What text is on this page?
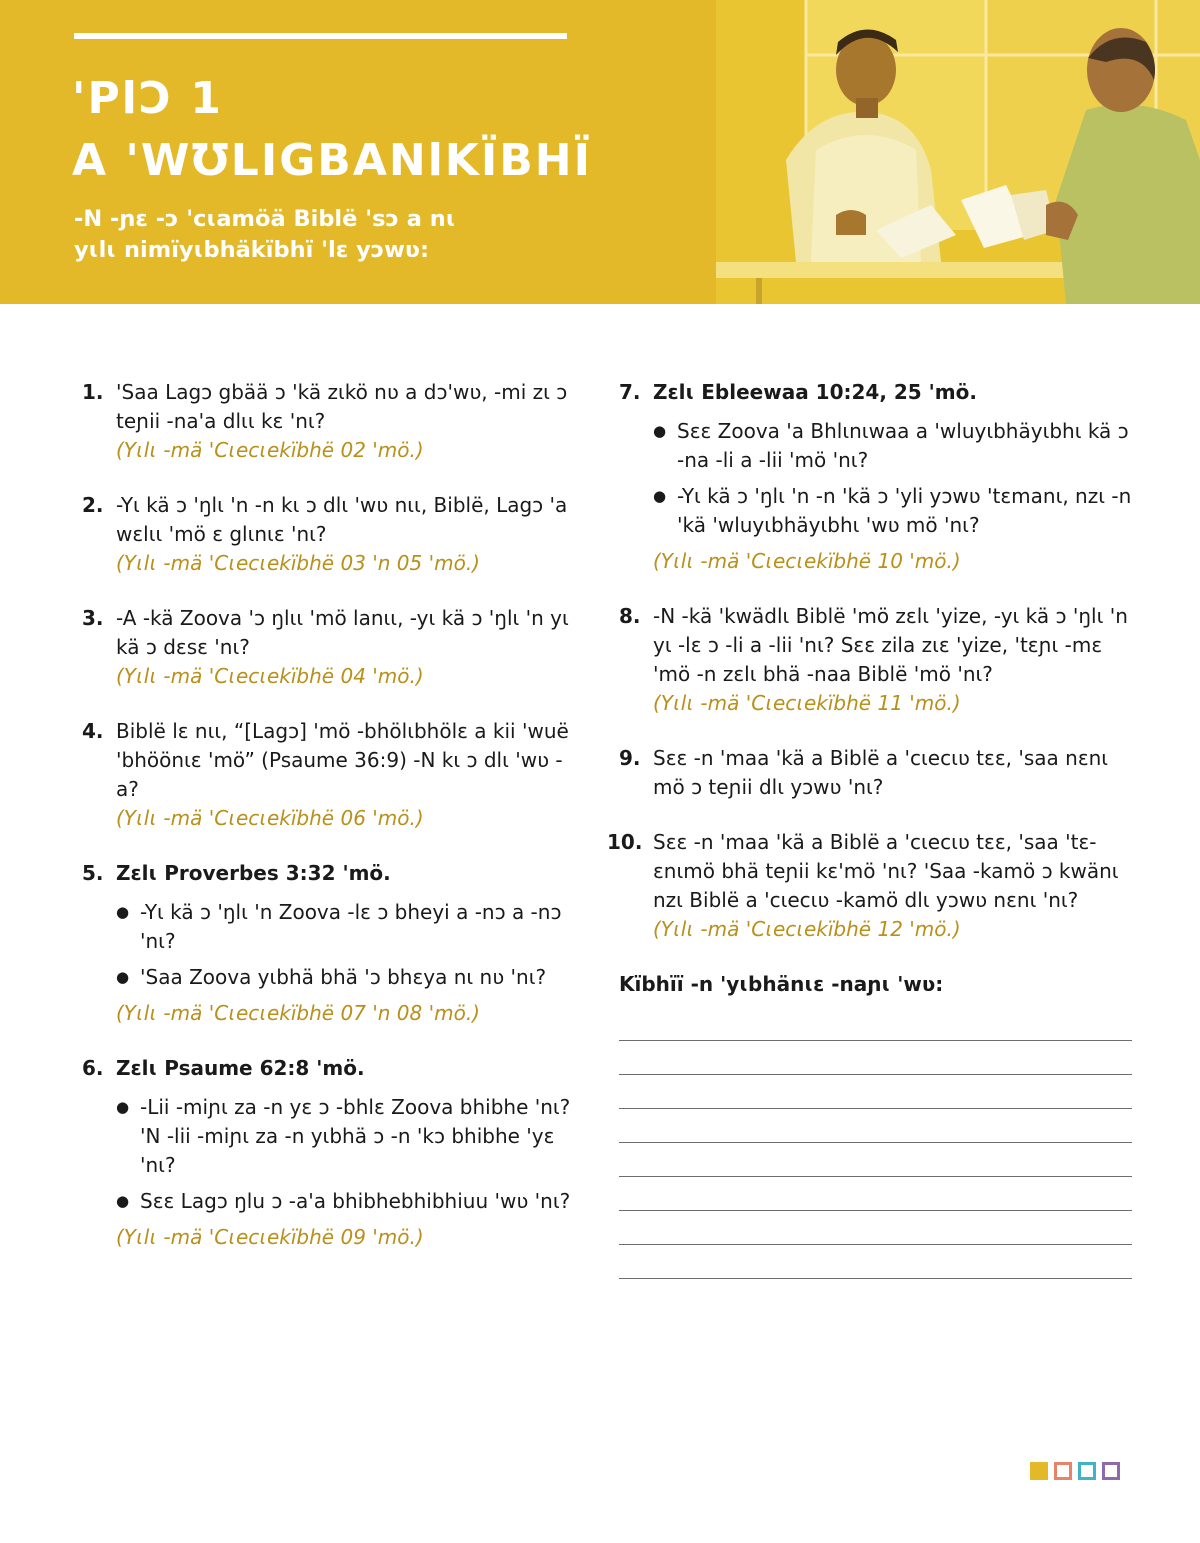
'PlƆ 1
A 'WƱLIGBANlKÏBHÏ
-N -ɲɛ -ɔ 'cɩamöä Biblë 'sɔ a nɩ yɩlɩ nimïyɩbhäkïbhï 'lɛ yɔwʋ:
1. 'Saa Lagɔ gbää ɔ 'kä zɩkö nʋ a dɔ'wʋ, -mi zɩ ɔ teɲii -na'a dlɩɩ kɛ 'nɩ?
(Yɩlɩ -mä 'Cɩecɩekïbhë 02 'mö.)
2. -Yɩ kä ɔ 'ŋlɩ 'n -n kɩ ɔ dlɩ 'wʋ nɩɩ, Biblë, Lagɔ 'a wɛlɩɩ 'mö ɛ glɩnɩɛ 'nɩ?
(Yɩlɩ -mä 'Cɩecɩekïbhë 03 'n 05 'mö.)
3. -A -kä Zoova 'ɔ ŋlɩɩ 'mö lanɩɩ, -yɩ kä ɔ 'ŋlɩ 'n yɩ kä ɔ dɛsɛ 'nɩ?
(Yɩlɩ -mä 'Cɩecɩekïbhë 04 'mö.)
4. Biblë lɛ nɩɩ, “[Lagɔ] 'mö -bhölɩbhölɛ a kii 'wuë 'bhöönɩɛ 'mö” (Psaume 36:9) -N kɩ ɔ dlɩ 'wʋ -a?
(Yɩlɩ -mä 'Cɩecɩekïbhë 06 'mö.)
5. Zɛlɩ Proverbes 3:32 'mö.
● -Yɩ kä ɔ 'ŋlɩ 'n Zoova -lɛ ɔ bheyi a -nɔ a -nɔ 'nɩ?
● 'Saa Zoova yɩbhä bhä 'ɔ bhɛya nɩ nʋ 'nɩ?
(Yɩlɩ -mä 'Cɩecɩekïbhë 07 'n 08 'mö.)
6. Zɛlɩ Psaume 62:8 'mö.
● -Lii -miɲɩ za -n yɛ ɔ -bhlɛ Zoova bhibhe 'nɩ? 'N -lii -miɲɩ za -n yɩbhä ɔ -n 'kɔ bhibhe 'yɛ 'nɩ?
● Sɛɛ Lagɔ ŋlu ɔ -a'a bhibhebhibhiuu 'wʋ 'nɩ?
(Yɩlɩ -mä 'Cɩecɩekïbhë 09 'mö.)
7. Zɛlɩ Ebleewaa 10:24, 25 'mö.
● Sɛɛ Zoova 'a Bhlɩnɩwaa a 'wluyɩbhäyɩbhɩ kä ɔ -na -li a -lii 'mö 'nɩ?
● -Yɩ kä ɔ 'ŋlɩ 'n -n 'kä ɔ 'yli yɔwʋ 'tɛmanɩ, nzɩ -n 'kä 'wluyɩbhäyɩbhɩ 'wʋ mö 'nɩ?
(Yɩlɩ -mä 'Cɩecɩekïbhë 10 'mö.)
8. -N -kä 'kwädlɩ Biblë 'mö zɛlɩ 'yize, -yɩ kä ɔ 'ŋlɩ 'n yɩ -lɛ ɔ -li a -lii 'nɩ? Sɛɛ zila zɩɛ 'yize, 'tɛɲɩ -mɛ 'mö -n zɛlɩ bhä -naa Biblë 'mö 'nɩ?
(Yɩlɩ -mä 'Cɩecɩekïbhë 11 'mö.)
9. Sɛɛ -n 'maa 'kä a Biblë a 'cɩecɩʋ tɛɛ, 'saa nɛnɩ mö ɔ teɲii dlɩ yɔwʋ 'nɩ?
10. Sɛɛ -n 'maa 'kä a Biblë a 'cɩecɩʋ tɛɛ, 'saa 'tɛ-ɛnɩmö bhä teɲii kɛ'mö 'nɩ? 'Saa -kamö ɔ kwänɩ nzɩ Biblë a 'cɩecɩʋ -kamö dlɩ yɔwʋ nɛnɩ 'nɩ?
(Yɩlɩ -mä 'Cɩecɩekïbhë 12 'mö.)
Kïbhïï -n 'yɩbhänɩɛ -naɲɩ 'wʋ:
